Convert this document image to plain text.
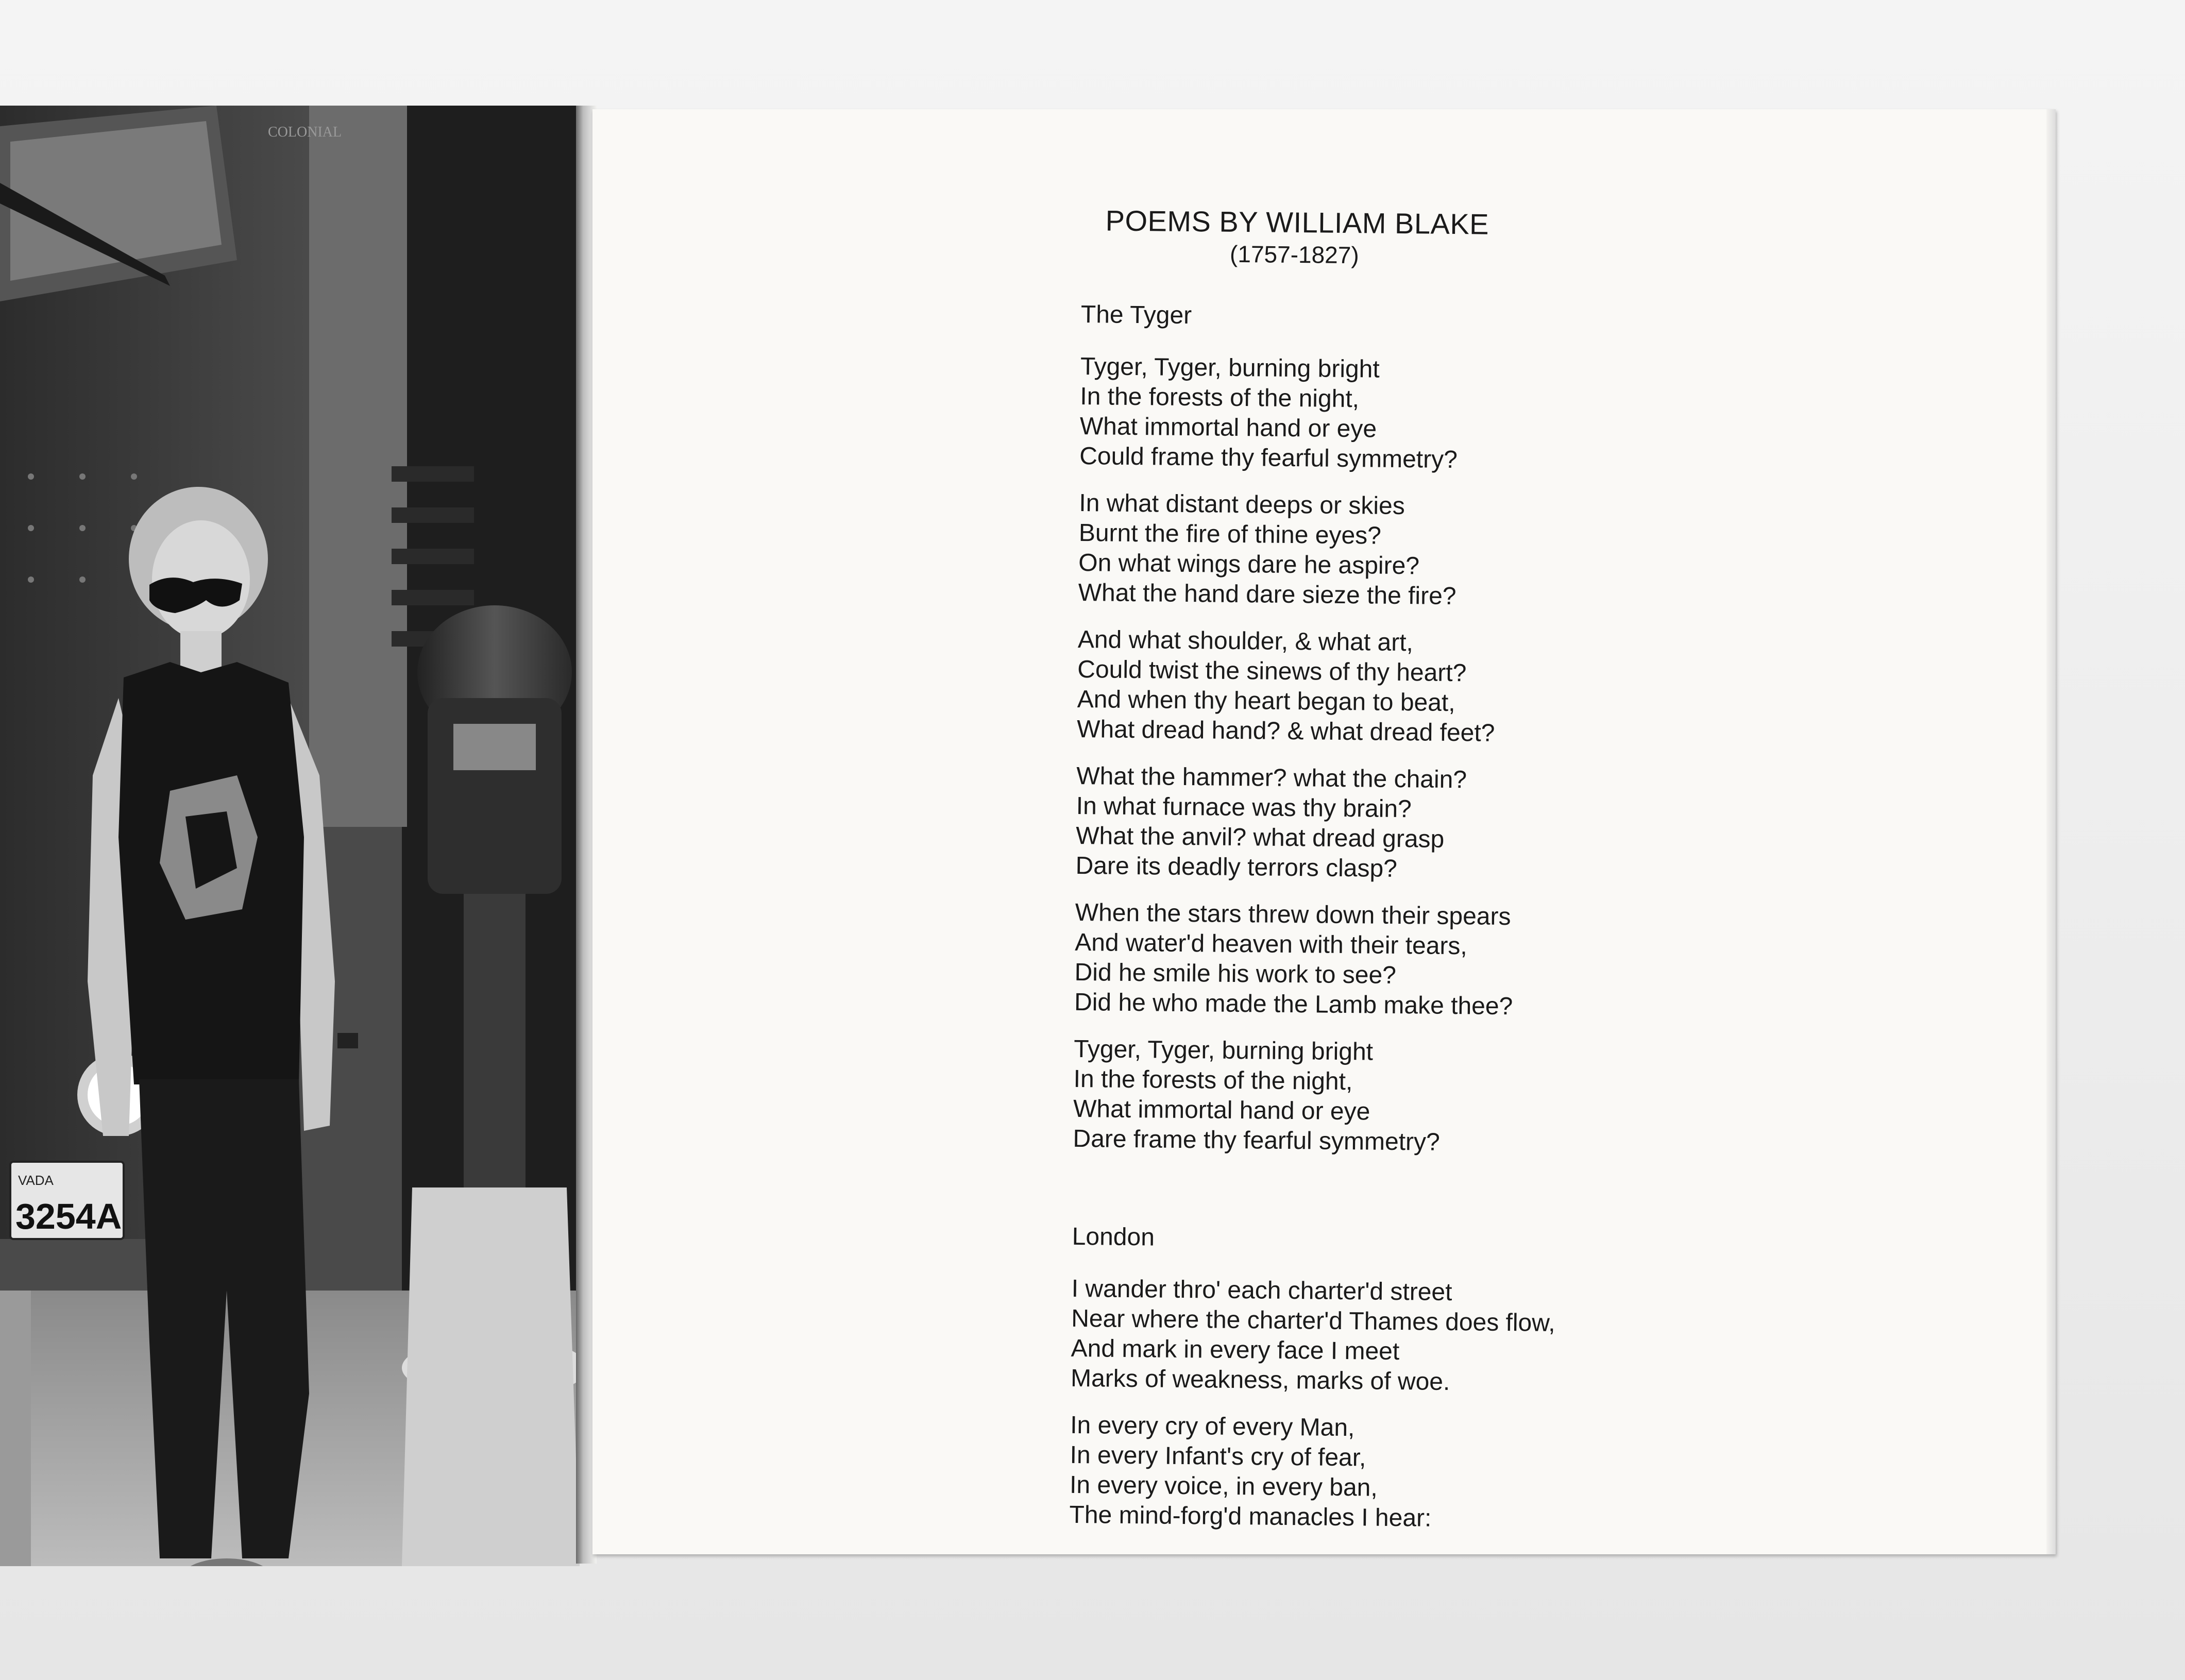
COLONIAL
VADA
3254A
POEMS BY WILLIAM BLAKE
(1757-1827)
The Tyger
Tyger, Tyger, burning bright
In the forests of the night,
What immortal hand or eye
Could frame thy fearful symmetry?
In what distant deeps or skies
Burnt the fire of thine eyes?
On what wings dare he aspire?
What the hand dare sieze the fire?
And what shoulder, & what art,
Could twist the sinews of thy heart?
And when thy heart began to beat,
What dread hand? & what dread feet?
What the hammer? what the chain?
In what furnace was thy brain?
What the anvil? what dread grasp
Dare its deadly terrors clasp?
When the stars threw down their spears
And water'd heaven with their tears,
Did he smile his work to see?
Did he who made the Lamb make thee?
Tyger, Tyger, burning bright
In the forests of the night,
What immortal hand or eye
Dare frame thy fearful symmetry?
London
I wander thro' each charter'd street
Near where the charter'd Thames does flow,
And mark in every face I meet
Marks of weakness, marks of woe.
In every cry of every Man,
In every Infant's cry of fear,
In every voice, in every ban,
The mind-forg'd manacles I hear:
